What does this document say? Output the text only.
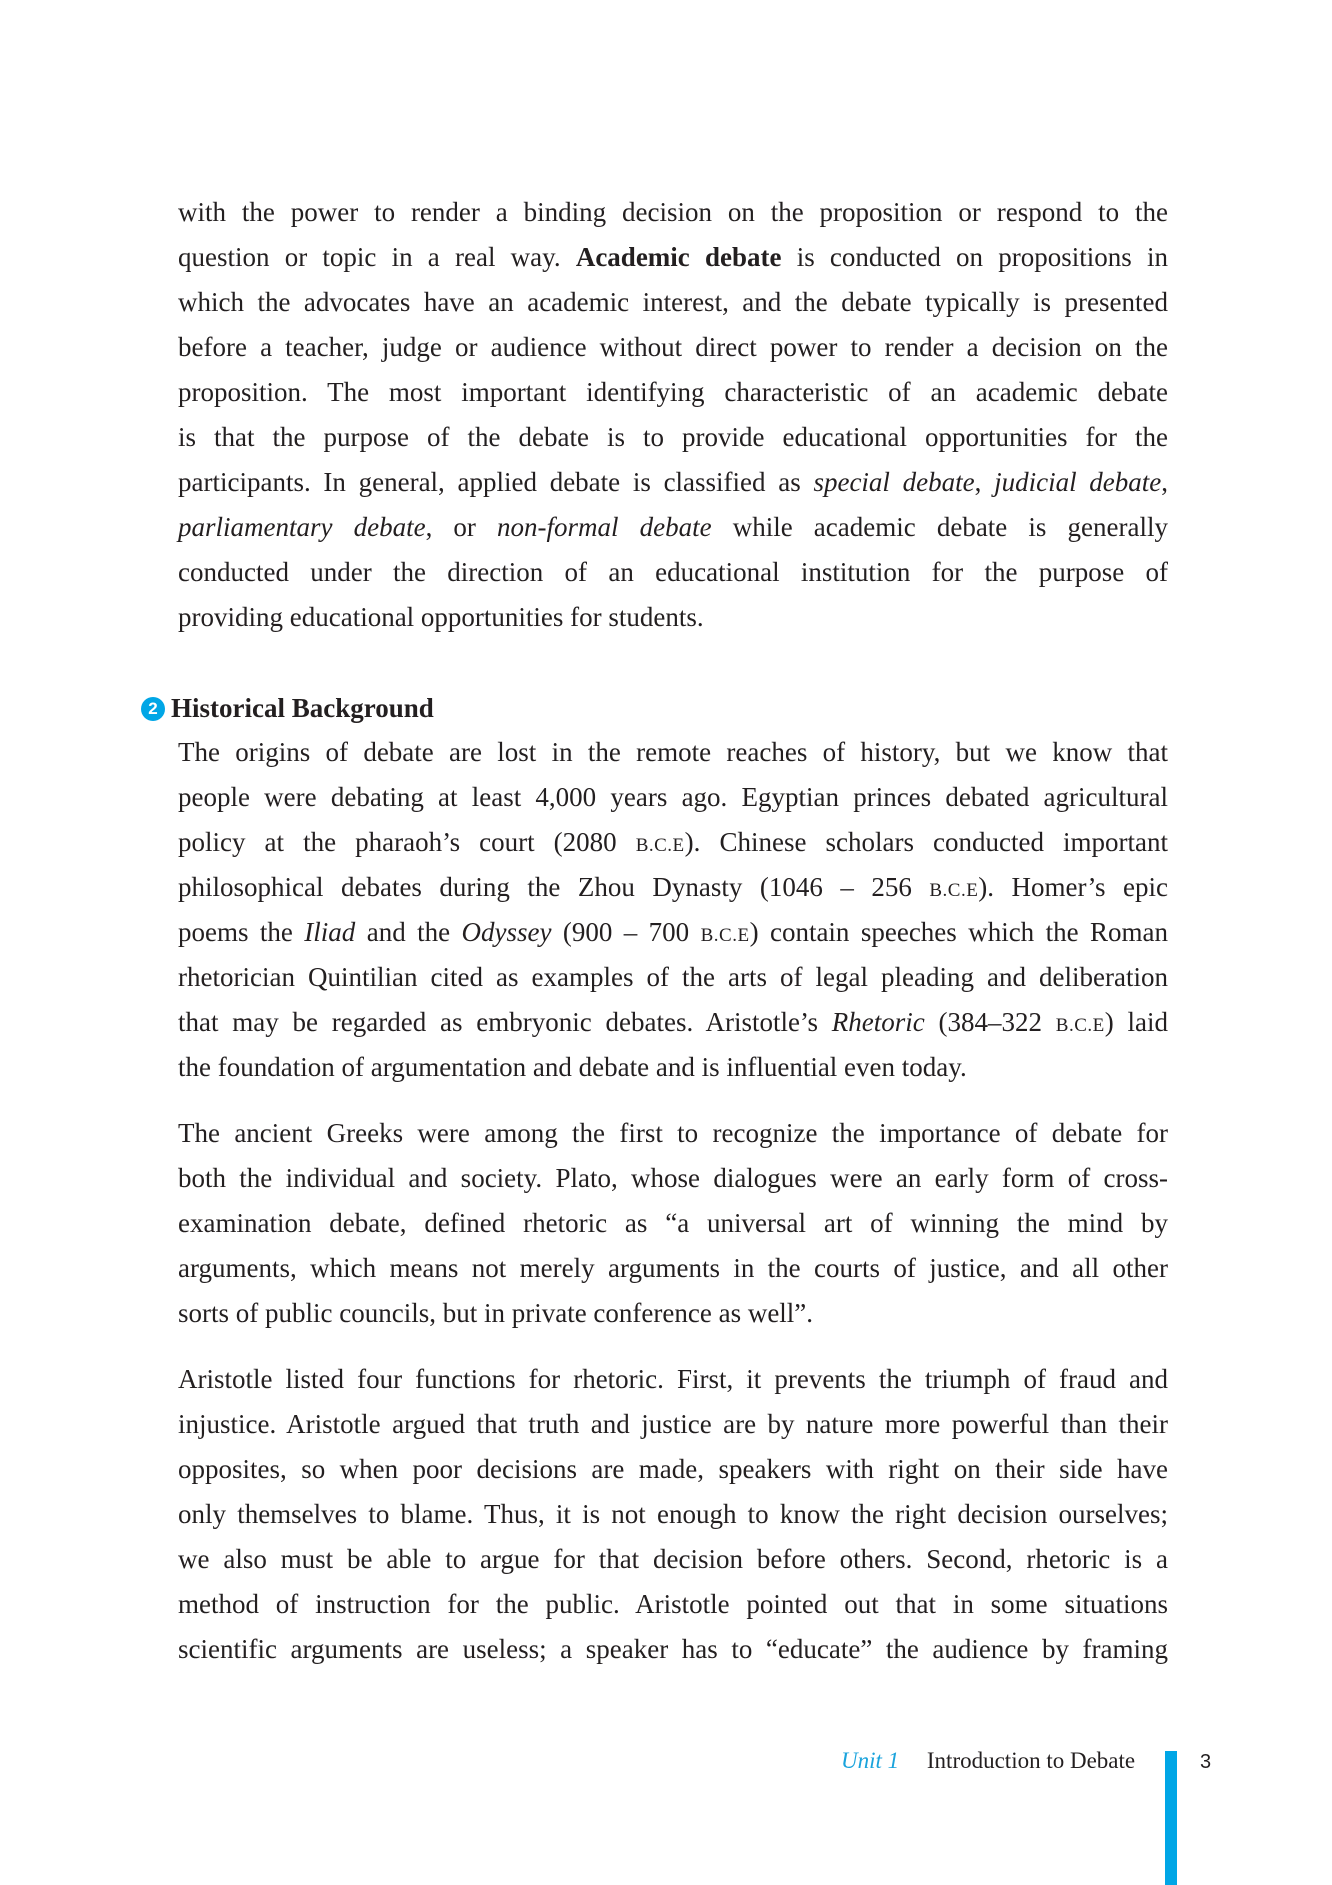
with the power to render a binding decision on the proposition or respond to the
question or topic in a real way. Academic debate is conducted on propositions in
which the advocates have an academic interest, and the debate typically is presented
before a teacher, judge or audience without direct power to render a decision on the
proposition. The most important identifying characteristic of an academic debate
is that the purpose of the debate is to provide educational opportunities for the
participants. In general, applied debate is classified as special debate, judicial debate,
parliamentary debate, or non-formal debate while academic debate is generally
conducted under the direction of an educational institution for the purpose of
providing educational opportunities for students.
2 Historical Background
The origins of debate are lost in the remote reaches of history, but we know that
people were debating at least 4,000 years ago. Egyptian princes debated agricultural
policy at the pharaoh’s court (2080 B.C.E). Chinese scholars conducted important
philosophical debates during the Zhou Dynasty (1046 – 256 B.C.E). Homer’s epic
poems the Iliad and the Odyssey (900 – 700 B.C.E) contain speeches which the Roman
rhetorician Quintilian cited as examples of the arts of legal pleading and deliberation
that may be regarded as embryonic debates. Aristotle’s Rhetoric (384–322 B.C.E) laid
the foundation of argumentation and debate and is influential even today.
The ancient Greeks were among the first to recognize the importance of debate for
both the individual and society. Plato, whose dialogues were an early form of cross-
examination debate, defined rhetoric as “a universal art of winning the mind by
arguments, which means not merely arguments in the courts of justice, and all other
sorts of public councils, but in private conference as well”.
Aristotle listed four functions for rhetoric. First, it prevents the triumph of fraud and
injustice. Aristotle argued that truth and justice are by nature more powerful than their
opposites, so when poor decisions are made, speakers with right on their side have
only themselves to blame. Thus, it is not enough to know the right decision ourselves;
we also must be able to argue for that decision before others. Second, rhetoric is a
method of instruction for the public. Aristotle pointed out that in some situations
scientific arguments are useless; a speaker has to “educate” the audience by framing
Unit 1 Introduction to Debate	3
